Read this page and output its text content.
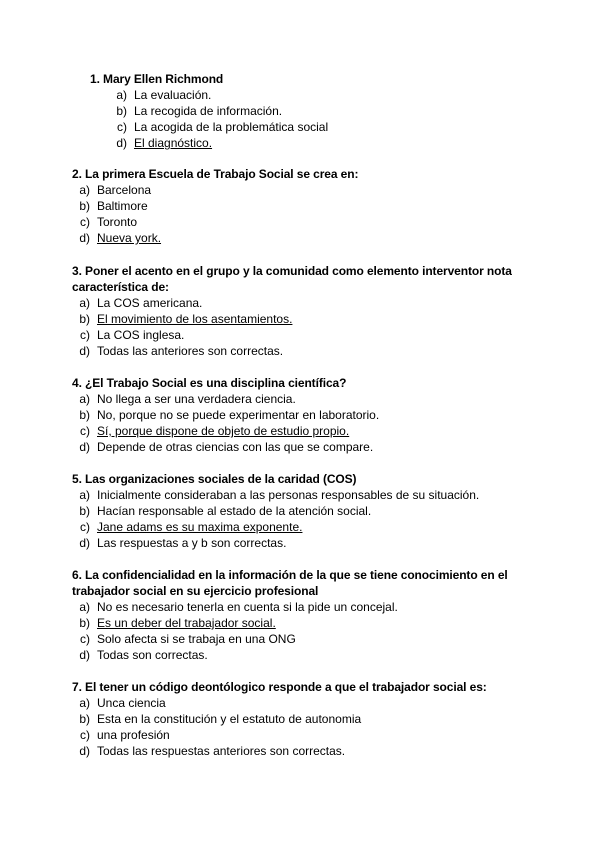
1. Mary Ellen Richmond

a) La evaluación.
b) La recogida de información.
c) La acogida de la problemática social
d) El diagnóstico.

2. La primera Escuela de Trabajo Social se crea en:

a) Barcelona
b) Baltimore
c) Toronto
d) Nueva york.

3. Poner el acento en el grupo y la comunidad como elemento interventor nota característica de:

a) La COS americana.
b) El movimiento de los asentamientos.
c) La COS inglesa.
d) Todas las anteriores son correctas.

4. ¿El Trabajo Social es una disciplina científica?

a) No llega a ser una verdadera ciencia.
b) No, porque no se puede experimentar en laboratorio.
c) Sí, porque dispone de objeto de estudio propio.
d) Depende de otras ciencias con las que se compare.

5. Las organizaciones sociales de la caridad (COS)

a) Inicialmente consideraban a las personas responsables de su situación.
b) Hacían responsable al estado de la atención social.
c) Jane adams es su maxima exponente.
d) Las respuestas a y b son correctas.

6. La confidencialidad en la información de la que se tiene conocimiento en el trabajador social en su ejercicio profesional

a) No es necesario tenerla en cuenta si la pide un concejal.
b) Es un deber del trabajador social.
c) Solo afecta si se trabaja en una ONG
d) Todas son correctas.

7. El tener un código deontólogico responde a que el trabajador social es:

a) Unca ciencia
b) Esta en la constitución y el estatuto de autonomia
c) una profesión
d) Todas las respuestas anteriores son correctas.
